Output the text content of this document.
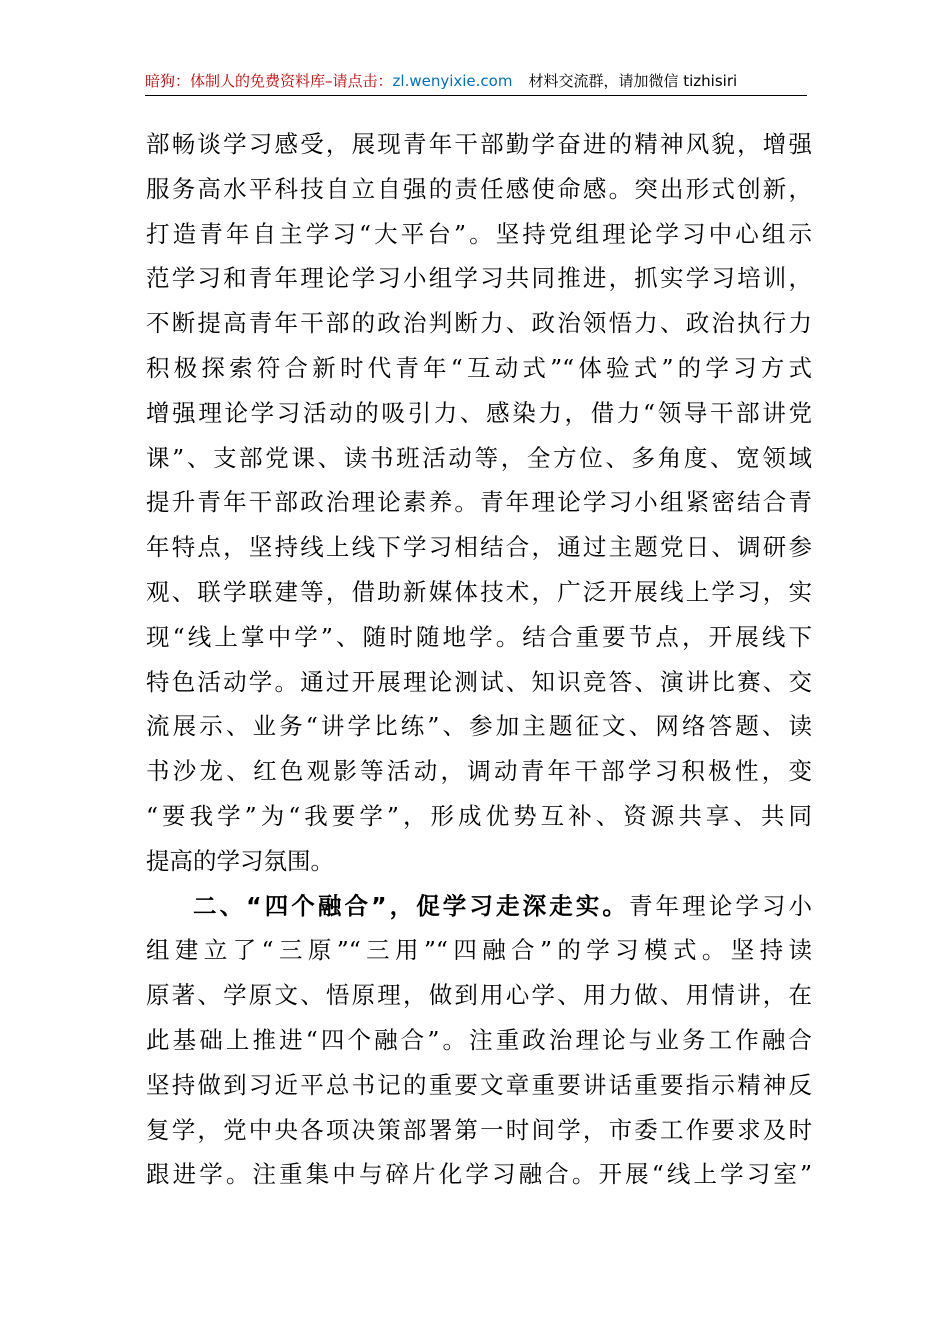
暗狗：体制人的免费资料库–请点击：zl.wenyixie.com 材料交流群，请加微信 tizhisiri
部畅谈学习感受，展现青年干部勤学奋进的精神风貌，增强
服务高水平科技自立自强的责任感使命感。突出形式创新，
打造青年自主学习“大平台”。坚持党组理论学习中心组示
范学习和青年理论学习小组学习共同推进，抓实学习培训，
不断提高青年干部的政治判断力、政治领悟力、政治执行力
积极探索符合新时代青年“互动式”“体验式”的学习方式
增强理论学习活动的吸引力、感染力，借力“领导干部讲党
课”、支部党课、读书班活动等，全方位、多角度、宽领域
提升青年干部政治理论素养。青年理论学习小组紧密结合青
年特点，坚持线上线下学习相结合，通过主题党日、调研参
观、联学联建等，借助新媒体技术，广泛开展线上学习，实
现“线上掌中学”、随时随地学。结合重要节点，开展线下
特色活动学。通过开展理论测试、知识竞答、演讲比赛、交
流展示、业务“讲学比练”、参加主题征文、网络答题、读
书沙龙、红色观影等活动，调动青年干部学习积极性，变
“要我学”为“我要学”，形成优势互补、资源共享、共同
提高的学习氛围。
二、“四个融合”，促学习走深走实。青年理论学习小
组建立了“三原”“三用”“四融合”的学习模式。坚持读
原著、学原文、悟原理，做到用心学、用力做、用情讲，在
此基础上推进“四个融合”。注重政治理论与业务工作融合
坚持做到习近平总书记的重要文章重要讲话重要指示精神反
复学，党中央各项决策部署第一时间学，市委工作要求及时
跟进学。注重集中与碎片化学习融合。开展“线上学习室”
